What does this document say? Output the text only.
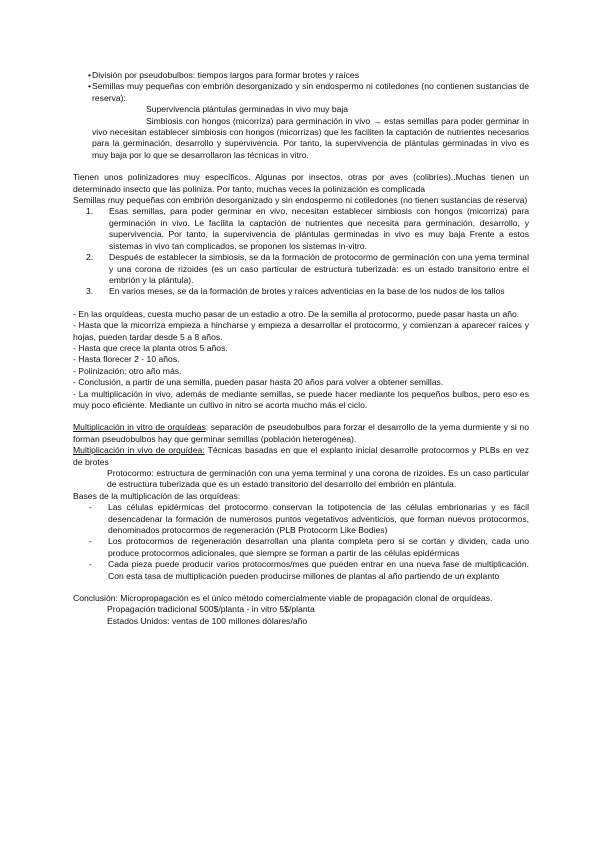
• División por pseudobulbos: tiempos largos para formar brotes y raíces

• Semillas muy pequeñas con embrión desorganizado y sin endospermo ni cotiledones (no contienen sustancias de reserva):

Supervivencia plántulas germinadas in vivo muy baja

Simbiosis con hongos (micorriza) para germinación in vivo → estas semillas para poder germinar in vivo necesitan establecer simbiosis con hongos (micorrizas) que les faciliten la captación de nutrientes necesarios para la germinación, desarrollo y supervivencia. Por tanto, la supervivencia de plántulas germinadas in vivo es muy baja por lo que se desarrollaron las técnicas in vitro.

Tienen unos polinizadores muy específicos. Algunas por insectos, otras por aves (colibríes)..Muchas tienen un determinado insecto que las poliniza. Por tanto, muchas veces la polinización es complicada

Semillas muy pequeñas con embrión desorganizado y sin endospermo ni cotiledones (no tienen sustancias de reserva)

1. Esas semillas, para poder germinar en vivo, necesitan establecer simbiosis con hongos (micorriza) para germinación in vivo. Le facilita la captación de nutrientes que necesita para germinación, desarrollo, y supervivencia. Por tanto, la supervivencia de plántulas germinadas in vivo es muy baja Frente a estos sistemas in vivo tan complicados, se proponen los sistemas in-vitro.

2. Después de establecer la simbiosis, se da la formación de protocormo de germinación con una yema terminal y una corona de rizoides (es un caso particular de estructura tuberizada: es un estado transitorio entre el embrión y la plántula).

3. En varios meses, se da la formación de brotes y raíces adventicias en la base de los nudos de los tallos

- En las orquídeas, cuesta mucho pasar de un estadio a otro. De la semilla al protocormo, puede pasar hasta un año.

- Hasta que la micorriza empieza a hincharse y empieza a desarrollar el protocormo, y comienzan a aparecer raíces y hojas, pueden tardar desde 5 a 8 años.

- Hasta que crece la planta otros 5 años.

- Hasta florecer 2 - 10 años.

- Polinización: otro año más.

- Conclusión, a partir de una semilla, pueden pasar hasta 20 años para volver a obtener semillas.

- La multiplicación in vivo, además de mediante semillas, se puede hacer mediante los pequeños bulbos, pero eso es muy poco eficiente. Mediante un cultivo in nitro se acorta mucho más el ciclo.

Multiplicación in vitro de orquídeas: separación de pseudobulbos para forzar el desarrollo de la yema durmiente y si no forman pseudobulbos hay que germinar semillas (población heterogénea).

Multiplicación in vivo de orquídea: Técnicas basadas en que el explanto inicial desarrolle protocormos y PLBs en vez de brotes

Protocormo: estructura de germinación con una yema terminal y una corona de rizoides. Es un caso particular de estructura tuberizada que es un estado transitorio del desarrollo del embrión en plántula.

Bases de la multiplicación de las orquídeas:

- Las células epidérmicas del protocormo conservan la totipotencia de las células embrionarias y es fácil desencadenar la formación de numerosos puntos vegetativos adventicios, que forman nuevos protocormos, denominados protocormos de regeneración (PLB Protocorm Like Bodies)

- Los protocormos de regeneración desarrollan una planta completa pero si se cortan y dividen, cada uno produce protocormos adicionales, que siempre se forman a partir de las células epidérmicas

- Cada pieza puede producir varios protocormos/mes que pueden entrar en una nueva fase de multiplicación. Con esta tasa de multiplicación pueden producirse millones de plantas al año partiendo de un explanto

Conclusión: Micropropagación es el único método comercialmente viable de propagación clonal de orquídeas.

Propagación tradicional 500$/planta - in vitro 5$/planta

Estados Unidos: ventas de 100 millones dólares/año
